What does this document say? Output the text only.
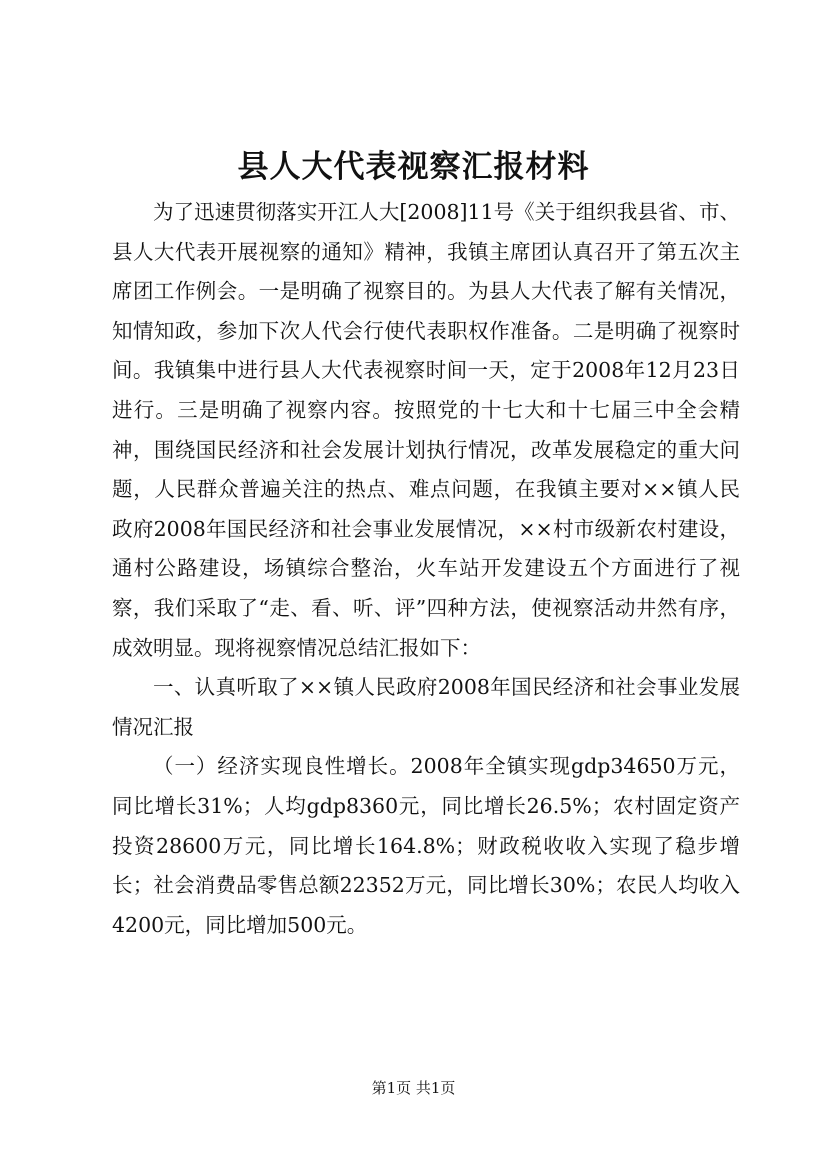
县人大代表视察汇报材料

为了迅速贯彻落实开江人大[2008]11号《关于组织我县省、市、县人大代表开展视察的通知》精神，我镇主席团认真召开了第五次主席团工作例会。一是明确了视察目的。为县人大代表了解有关情况，知情知政，参加下次人代会行使代表职权作准备。二是明确了视察时间。我镇集中进行县人大代表视察时间一天，定于2008年12月23日进行。三是明确了视察内容。按照党的十七大和十七届三中全会精神，围绕国民经济和社会发展计划执行情况，改革发展稳定的重大问题，人民群众普遍关注的热点、难点问题，在我镇主要对××镇人民政府2008年国民经济和社会事业发展情况，××村市级新农村建设，通村公路建设，场镇综合整治，火车站开发建设五个方面进行了视察，我们采取了“走、看、听、评”四种方法，使视察活动井然有序，成效明显。现将视察情况总结汇报如下：

一、认真听取了××镇人民政府2008年国民经济和社会事业发展情况汇报

（一）经济实现良性增长。2008年全镇实现gdp34650万元，同比增长31%；人均gdp8360元，同比增长26.5%；农村固定资产投资28600万元，同比增长164.8%；财政税收收入实现了稳步增长；社会消费品零售总额22352万元，同比增长30%；农民人均收入4200元，同比增加500元。

第1页 共1页
